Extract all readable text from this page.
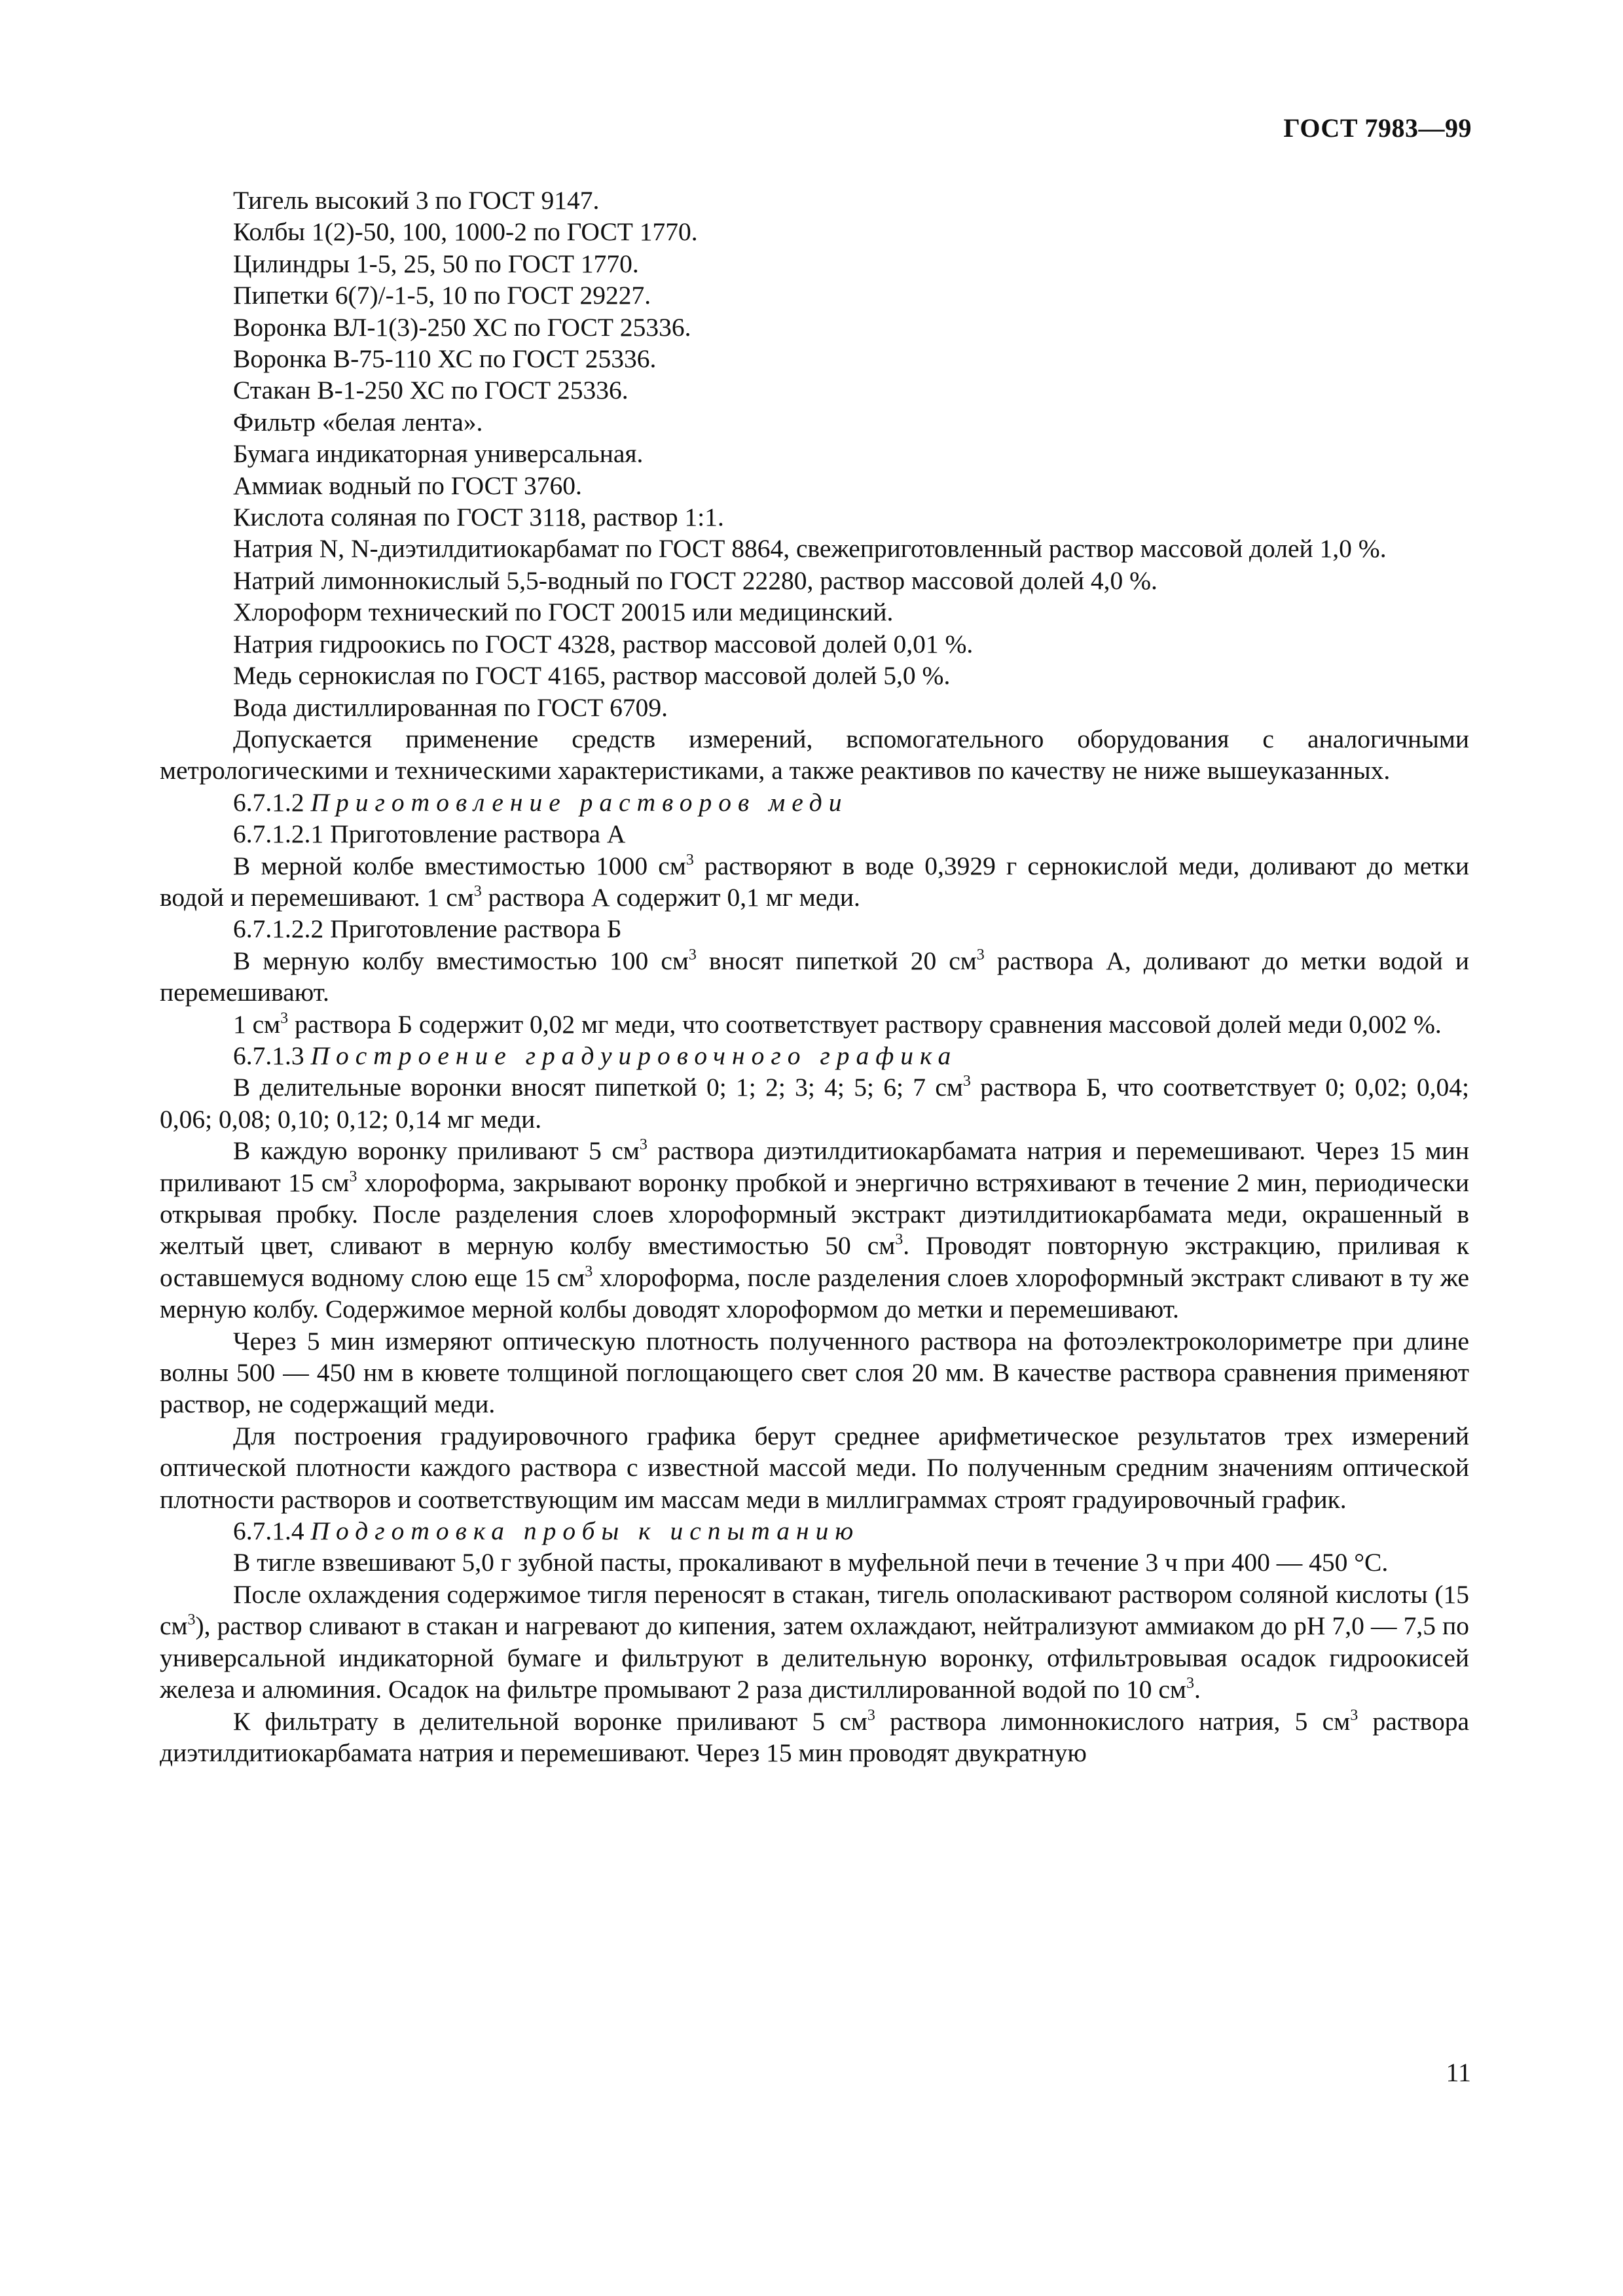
ГОСТ 7983—99

Тигель высокий 3 по ГОСТ 9147.

Колбы 1(2)-50, 100, 1000-2 по ГОСТ 1770.

Цилиндры 1-5, 25, 50 по ГОСТ 1770.

Пипетки 6(7)/-1-5, 10 по ГОСТ 29227.

Воронка ВЛ-1(3)-250 ХС по ГОСТ 25336.

Воронка В-75-110 ХС по ГОСТ 25336.

Стакан В-1-250 ХС по ГОСТ 25336.

Фильтр «белая лента».

Бумага индикаторная универсальная.

Аммиак водный по ГОСТ 3760.

Кислота соляная по ГОСТ 3118, раствор 1:1.

Натрия N, N-диэтилдитиокарбамат по ГОСТ 8864, свежеприготовленный раствор массовой долей 1,0 %.

Натрий лимоннокислый 5,5-водный по ГОСТ 22280, раствор массовой долей 4,0 %.

Хлороформ технический по ГОСТ 20015 или медицинский.

Натрия гидроокись по ГОСТ 4328, раствор массовой долей 0,01 %.

Медь сернокислая по ГОСТ 4165, раствор массовой долей 5,0 %.

Вода дистиллированная по ГОСТ 6709.

Допускается применение средств измерений, вспомогательного оборудования с аналогичными метрологическими и техническими характеристиками, а также реактивов по качеству не ниже вышеуказанных.

6.7.1.2 Приготовление растворов меди

6.7.1.2.1 Приготовление раствора А

В мерной колбе вместимостью 1000 $см^3$ растворяют в воде 0,3929 г сернокислой меди, доливают до метки водой и перемешивают. 1 $см^3$ раствора А содержит 0,1 мг меди.

6.7.1.2.2 Приготовление раствора Б

В мерную колбу вместимостью 100 $см^3$ вносят пипеткой 20 $см^3$ раствора А, доливают до метки водой и перемешивают.

1 $см^3$ раствора Б содержит 0,02 мг меди, что соответствует раствору сравнения массовой долей меди 0,002 %.

6.7.1.3 Построение градуировочного графика

В делительные воронки вносят пипеткой 0; 1; 2; 3; 4; 5; 6; 7 $см^3$ раствора Б, что соответствует 0; 0,02; 0,04; 0,06; 0,08; 0,10; 0,12; 0,14 мг меди.

В каждую воронку приливают 5 $см^3$ раствора диэтилдитиокарбамата натрия и перемешивают. Через 15 мин приливают 15 $см^3$ хлороформа, закрывают воронку пробкой и энергично встряхивают в течение 2 мин, периодически открывая пробку. После разделения слоев хлороформный экстракт диэтилдитиокарбамата меди, окрашенный в желтый цвет, сливают в мерную колбу вместимостью 50 $см^3$. Проводят повторную экстракцию, приливая к оставшемуся водному слою еще 15 $см^3$ хлороформа, после разделения слоев хлороформный экстракт сливают в ту же мерную колбу. Содержимое мерной колбы доводят хлороформом до метки и перемешивают.

Через 5 мин измеряют оптическую плотность полученного раствора на фотоэлектроколориметре при длине волны 500 — 450 нм в кювете толщиной поглощающего свет слоя 20 мм. В качестве раствора сравнения применяют раствор, не содержащий меди.

Для построения градуировочного графика берут среднее арифметическое результатов трех измерений оптической плотности каждого раствора с известной массой меди. По полученным средним значениям оптической плотности растворов и соответствующим им массам меди в миллиграммах строят градуировочный график.

6.7.1.4 Подготовка пробы к испытанию

В тигле взвешивают 5,0 г зубной пасты, прокаливают в муфельной печи в течение 3 ч при 400 — 450 °С.

После охлаждения содержимое тигля переносят в стакан, тигель ополаскивают раствором соляной кислоты (15 $см^3$), раствор сливают в стакан и нагревают до кипения, затем охлаждают, нейтрализуют аммиаком до рН 7,0 — 7,5 по универсальной индикаторной бумаге и фильтруют в делительную воронку, отфильтровывая осадок гидроокисей железа и алюминия. Осадок на фильтре промывают 2 раза дистиллированной водой по 10 $см^3$.

К фильтрату в делительной воронке приливают 5 $см^3$ раствора лимоннокислого натрия, 5 $см^3$ раствора диэтилдитиокарбамата натрия и перемешивают. Через 15 мин проводят двукратную

11
